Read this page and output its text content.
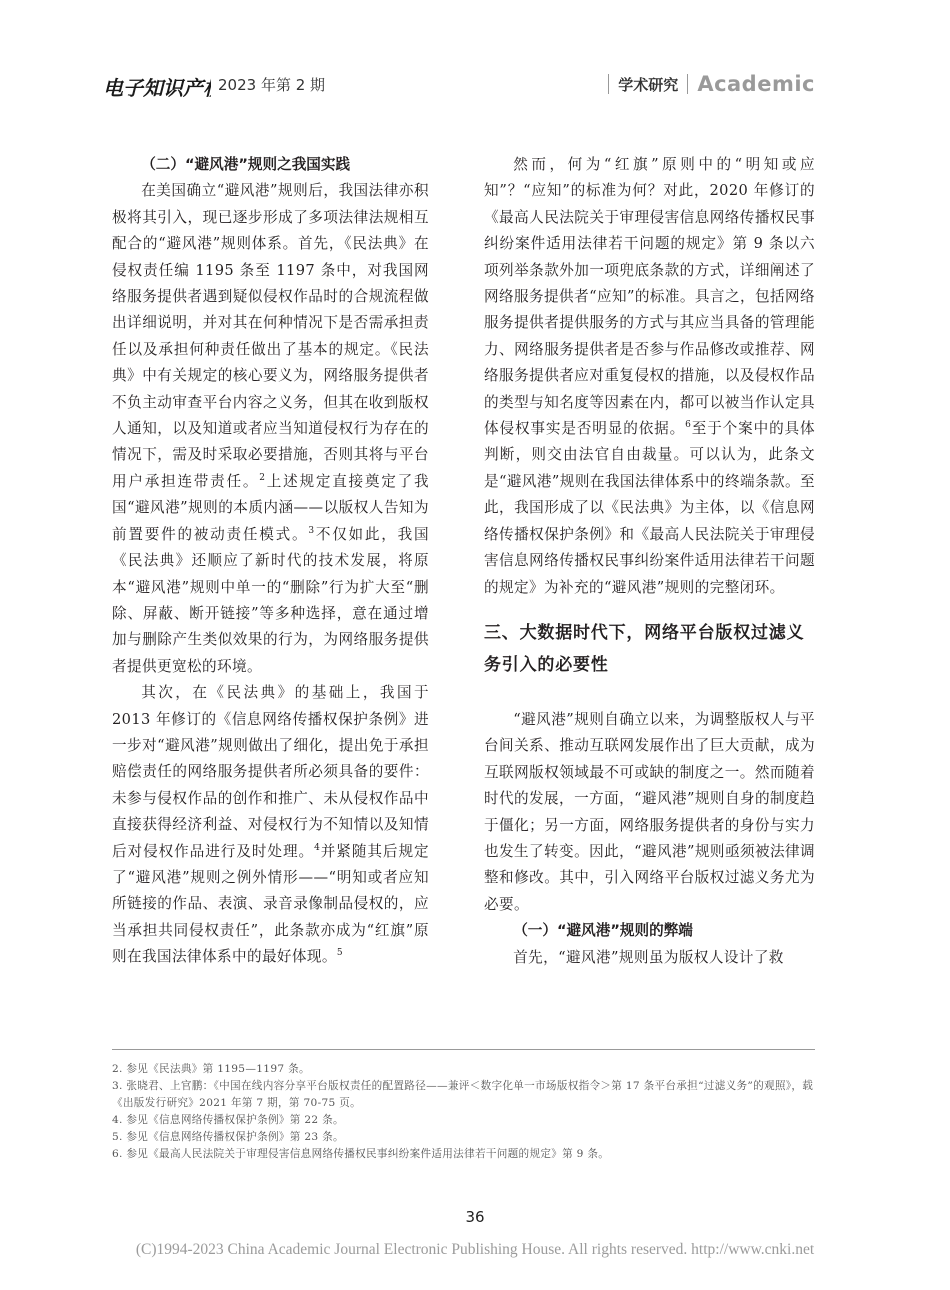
电子知识产权
2023 年第 2 期	学术研究 Academic

（二）“避风港”规则之我国实践

在美国确立“避风港”规则后，我国法律亦积极将其引入，现已逐步形成了多项法律法规相互配合的“避风港”规则体系。首先，《民法典》在侵权责任编 1195 条至 1197 条中，对我国网络服务提供者遇到疑似侵权作品时的合规流程做出详细说明，并对其在何种情况下是否需承担责任以及承担何种责任做出了基本的规定。《民法典》中有关规定的核心要义为，网络服务提供者不负主动审查平台内容之义务，但其在收到版权人通知，以及知道或者应当知道侵权行为存在的情况下，需及时采取必要措施，否则其将与平台用户承担连带责任。$^2$上述规定直接奠定了我国“避风港”规则的本质内涵——以版权人告知为前置要件的被动责任模式。$^3$不仅如此，我国《民法典》还顺应了新时代的技术发展，将原本“避风港”规则中单一的“删除”行为扩大至“删除、屏蔽、断开链接”等多种选择，意在通过增加与删除产生类似效果的行为，为网络服务提供者提供更宽松的环境。

其次，在《民法典》的基础上，我国于 2013 年修订的《信息网络传播权保护条例》进一步对“避风港”规则做出了细化，提出免于承担赔偿责任的网络服务提供者所必须具备的要件：未参与侵权作品的创作和推广、未从侵权作品中直接获得经济利益、对侵权行为不知情以及知情后对侵权作品进行及时处理。$^4$并紧随其后规定了“避风港”规则之例外情形——“明知或者应知所链接的作品、表演、录音录像制品侵权的，应当承担共同侵权责任”，此条款亦成为“红旗”原则在我国法律体系中的最好体现。$^5$

然而，何为“红旗”原则中的“明知或应知”？“应知”的标准为何？对此，2020 年修订的《最高人民法院关于审理侵害信息网络传播权民事纠纷案件适用法律若干问题的规定》第 9 条以六项列举条款外加一项兜底条款的方式，详细阐述了网络服务提供者“应知”的标准。具言之，包括网络服务提供者提供服务的方式与其应当具备的管理能力、网络服务提供者是否参与作品修改或推荐、网络服务提供者应对重复侵权的措施，以及侵权作品的类型与知名度等因素在内，都可以被当作认定具体侵权事实是否明显的依据。$^6$至于个案中的具体判断，则交由法官自由裁量。可以认为，此条文是“避风港”规则在我国法律体系中的终端条款。至此，我国形成了以《民法典》为主体，以《信息网络传播权保护条例》和《最高人民法院关于审理侵害信息网络传播权民事纠纷案件适用法律若干问题的规定》为补充的“避风港”规则的完整闭环。

三、大数据时代下，网络平台版权过滤义务引入的必要性

“避风港”规则自确立以来，为调整版权人与平台间关系、推动互联网发展作出了巨大贡献，成为互联网版权领域最不可或缺的制度之一。然而随着时代的发展，一方面，“避风港”规则自身的制度趋于僵化；另一方面，网络服务提供者的身份与实力也发生了转变。因此，“避风港”规则亟须被法律调整和修改。其中，引入网络平台版权过滤义务尤为必要。

（一）“避风港”规则的弊端

首先，“避风港”规则虽为版权人设计了救

2. 参见《民法典》第 1195—1197 条。

3. 张晓君、上官鹏：《中国在线内容分享平台版权责任的配置路径——兼评＜数字化单一市场版权指令＞第 17 条平台承担“过滤义务”的观照》，载《出版发行研究》2021 年第 7 期，第 70-75 页。

4. 参见《信息网络传播权保护条例》第 22 条。

5. 参见《信息网络传播权保护条例》第 23 条。

6. 参见《最高人民法院关于审理侵害信息网络传播权民事纠纷案件适用法律若干问题的规定》第 9 条。

36
(C)1994-2023 China Academic Journal Electronic Publishing House. All rights reserved. http://www.cnki.net
